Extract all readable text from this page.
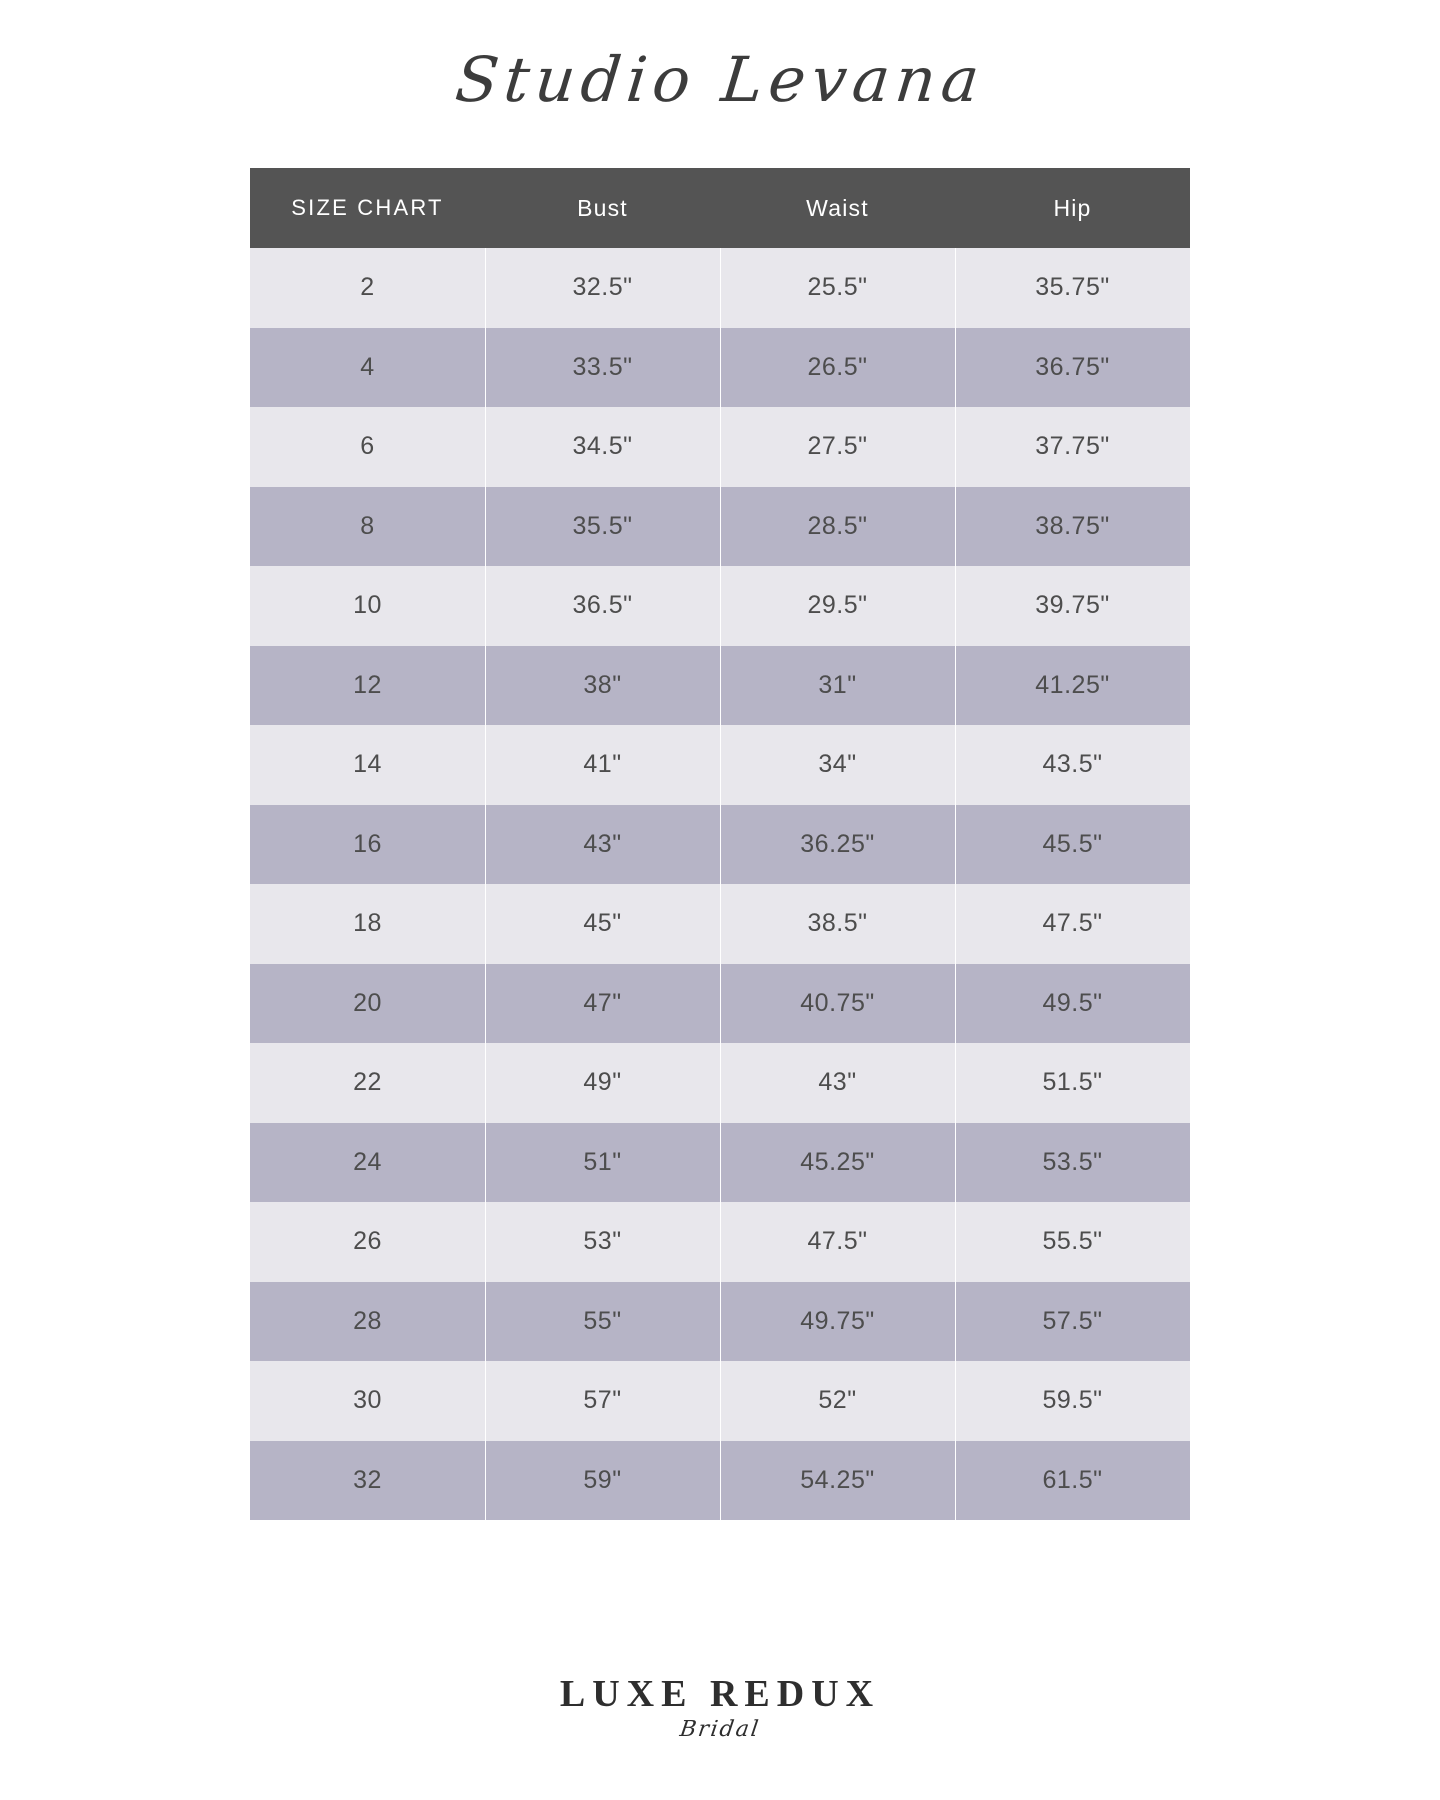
Studio Levana
SIZE CHART	Bust	Waist	Hip
2	32.5"	25.5"	35.75"
4	33.5"	26.5"	36.75"
6	34.5"	27.5"	37.75"
8	35.5"	28.5"	38.75"
10	36.5"	29.5"	39.75"
12	38"	31"	41.25"
14	41"	34"	43.5"
16	43"	36.25"	45.5"
18	45"	38.5"	47.5"
20	47"	40.75"	49.5"
22	49"	43"	51.5"
24	51"	45.25"	53.5"
26	53"	47.5"	55.5"
28	55"	49.75"	57.5"
30	57"	52"	59.5"
32	59"	54.25"	61.5"
LUXE REDUX
Bridal
